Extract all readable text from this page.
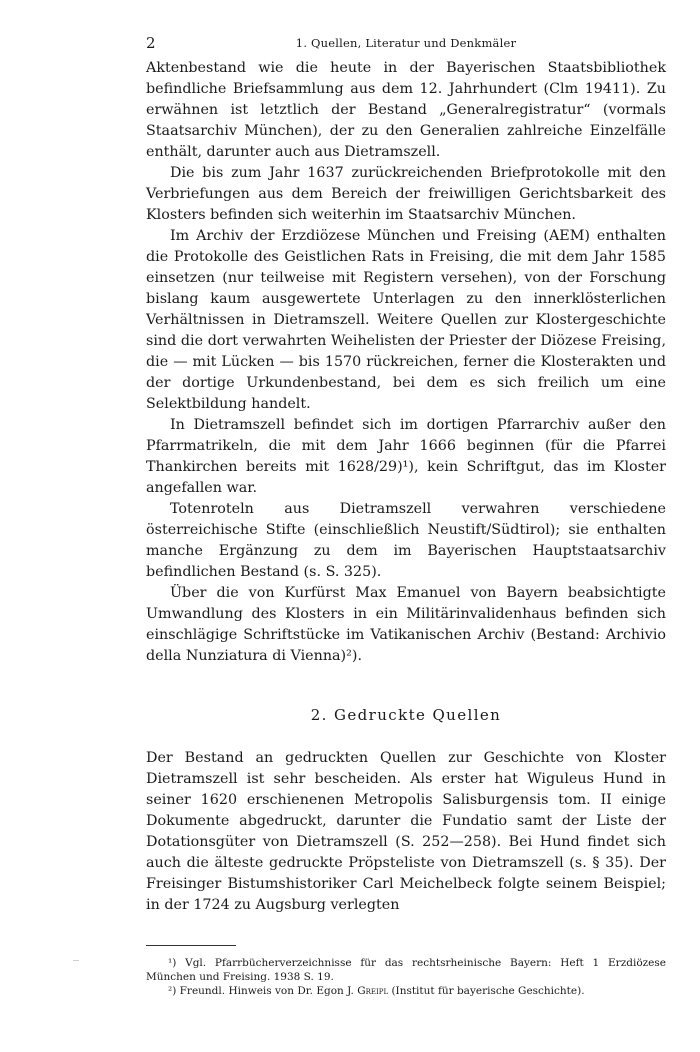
2	1. Quellen, Literatur und Denkmäler

Aktenbestand wie die heute in der Bayerischen Staatsbibliothek befindliche Briefsammlung aus dem 12. Jahrhundert (Clm 19411). Zu erwähnen ist letztlich der Bestand „Generalregistratur“ (vormals Staatsarchiv München), der zu den Generalien zahlreiche Einzelfälle enthält, darunter auch aus Dietramszell.

Die bis zum Jahr 1637 zurückreichenden Briefprotokolle mit den Verbriefungen aus dem Bereich der freiwilligen Gerichtsbarkeit des Klosters befinden sich weiterhin im Staatsarchiv München.

Im Archiv der Erzdiözese München und Freising (AEM) enthalten die Protokolle des Geistlichen Rats in Freising, die mit dem Jahr 1585 einsetzen (nur teilweise mit Registern versehen), von der Forschung bislang kaum ausgewertete Unterlagen zu den innerklösterlichen Verhältnissen in Dietramszell. Weitere Quellen zur Klostergeschichte sind die dort verwahrten Weihelisten der Priester der Diözese Freising, die — mit Lücken — bis 1570 rückreichen, ferner die Klosterakten und der dortige Urkundenbestand, bei dem es sich freilich um eine Selektbildung handelt.

In Dietramszell befindet sich im dortigen Pfarrarchiv außer den Pfarrmatrikeln, die mit dem Jahr 1666 beginnen (für die Pfarrei Thankirchen bereits mit 1628/29)¹), kein Schriftgut, das im Kloster angefallen war.

Totenroteln aus Dietramszell verwahren verschiedene österreichische Stifte (einschließlich Neustift/Südtirol); sie enthalten manche Ergänzung zu dem im Bayerischen Hauptstaatsarchiv befindlichen Bestand (s. S. 325).

Über die von Kurfürst Max Emanuel von Bayern beabsichtigte Umwandlung des Klosters in ein Militärinvalidenhaus befinden sich einschlägige Schriftstücke im Vatikanischen Archiv (Bestand: Archivio della Nunziatura di Vienna)²).

2. Gedruckte Quellen

Der Bestand an gedruckten Quellen zur Geschichte von Kloster Dietramszell ist sehr bescheiden. Als erster hat Wiguleus Hund in seiner 1620 erschienenen Metropolis Salisburgensis tom. II einige Dokumente abgedruckt, darunter die Fundatio samt der Liste der Dotationsgüter von Dietramszell (S. 252—258). Bei Hund findet sich auch die älteste gedruckte Pröpsteliste von Dietramszell (s. § 35). Der Freisinger Bistumshistoriker Carl Meichelbeck folgte seinem Beispiel; in der 1724 zu Augsburg verlegten

¹) Vgl. Pfarrbücherverzeichnisse für das rechtsrheinische Bayern: Heft 1 Erzdiözese München und Freising. 1938 S. 19.

²) Freundl. Hinweis von Dr. Egon J. Greipl (Institut für bayerische Geschichte).
